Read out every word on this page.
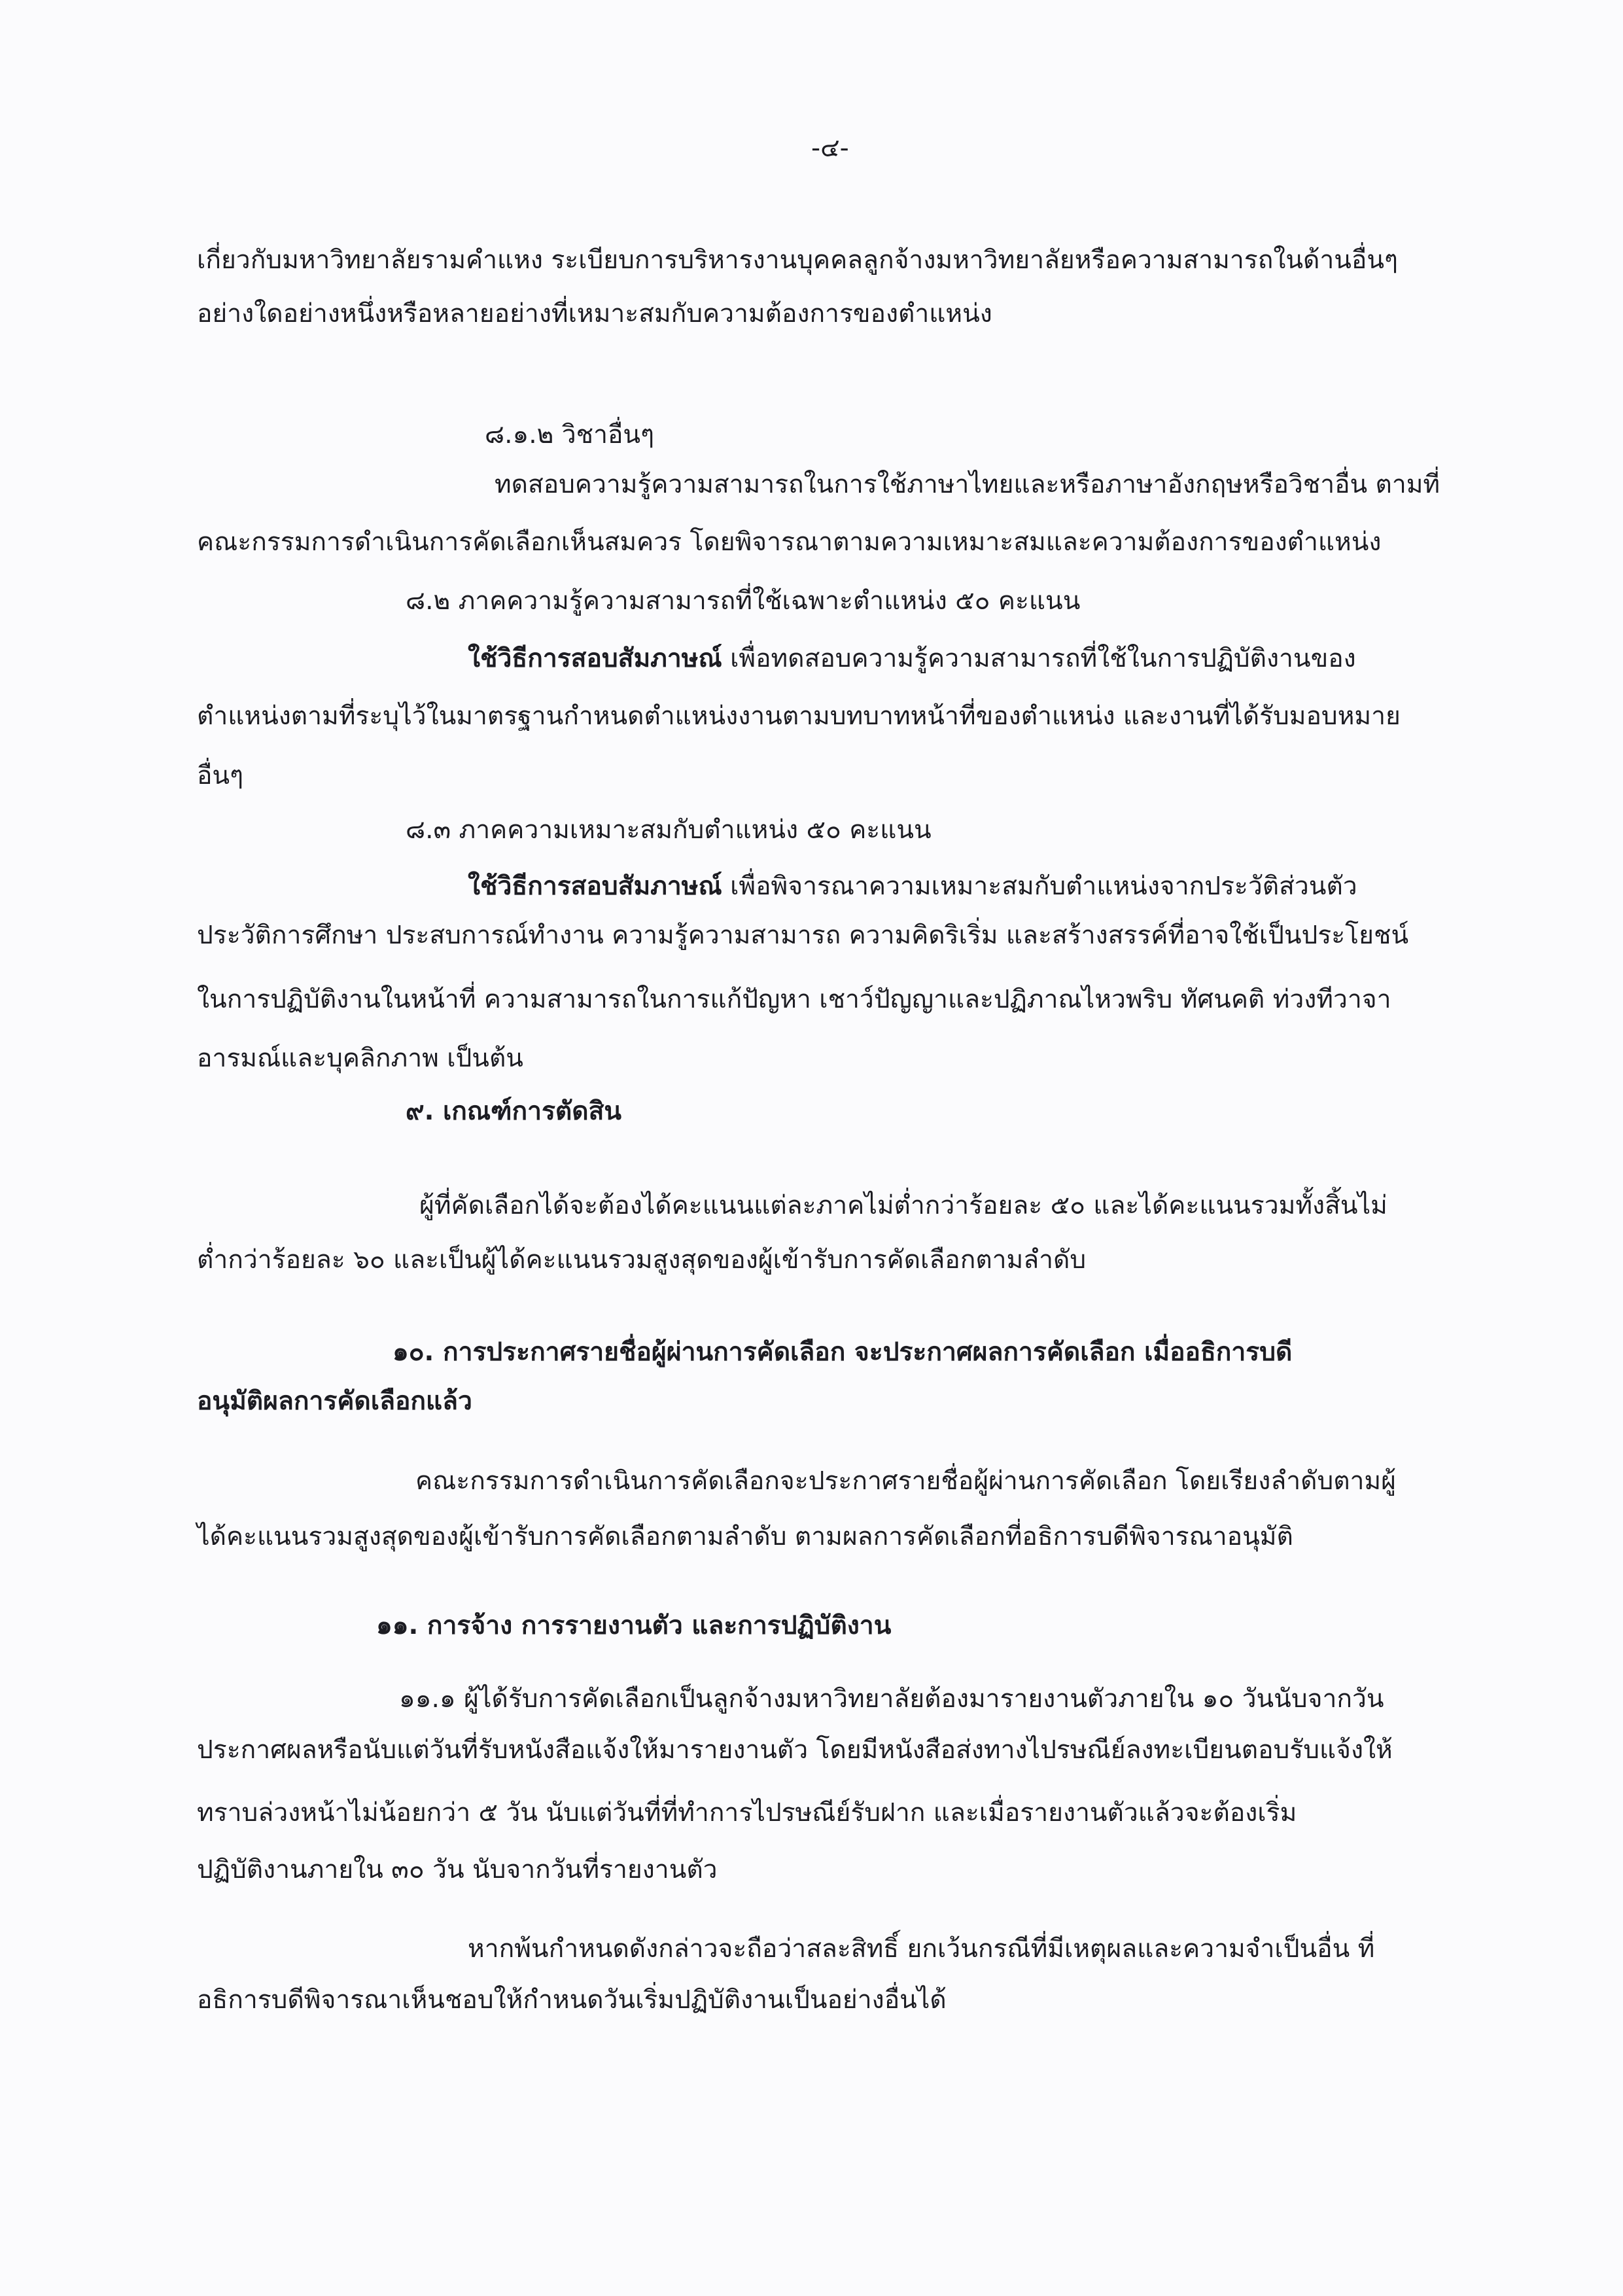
-๔-
เกี่ยวกับมหาวิทยาลัยรามคำแหง ระเบียบการบริหารงานบุคคลลูกจ้างมหาวิทยาลัยหรือความสามารถในด้านอื่นๆ
อย่างใดอย่างหนึ่งหรือหลายอย่างที่เหมาะสมกับความต้องการของตำแหน่ง
๘.๑.๒ วิชาอื่นๆ
ทดสอบความรู้ความสามารถในการใช้ภาษาไทยและหรือภาษาอังกฤษหรือวิชาอื่น ตามที่
คณะกรรมการดำเนินการคัดเลือกเห็นสมควร โดยพิจารณาตามความเหมาะสมและความต้องการของตำแหน่ง
๘.๒ ภาคความรู้ความสามารถที่ใช้เฉพาะตำแหน่ง ๕๐ คะแนน
ใช้วิธีการสอบสัมภาษณ์ เพื่อทดสอบความรู้ความสามารถที่ใช้ในการปฏิบัติงานของ
ตำแหน่งตามที่ระบุไว้ในมาตรฐานกำหนดตำแหน่งงานตามบทบาทหน้าที่ของตำแหน่ง และงานที่ได้รับมอบหมาย
อื่นๆ
๘.๓ ภาคความเหมาะสมกับตำแหน่ง ๕๐ คะแนน
ใช้วิธีการสอบสัมภาษณ์ เพื่อพิจารณาความเหมาะสมกับตำแหน่งจากประวัติส่วนตัว
ประวัติการศึกษา ประสบการณ์ทำงาน ความรู้ความสามารถ ความคิดริเริ่ม และสร้างสรรค์ที่อาจใช้เป็นประโยชน์
ในการปฏิบัติงานในหน้าที่ ความสามารถในการแก้ปัญหา เชาว์ปัญญาและปฏิภาณไหวพริบ ทัศนคติ ท่วงทีวาจา
อารมณ์และบุคลิกภาพ เป็นต้น
๙. เกณฑ์การตัดสิน
ผู้ที่คัดเลือกได้จะต้องได้คะแนนแต่ละภาคไม่ต่ำกว่าร้อยละ ๕๐ และได้คะแนนรวมทั้งสิ้นไม่
ต่ำกว่าร้อยละ ๖๐ และเป็นผู้ได้คะแนนรวมสูงสุดของผู้เข้ารับการคัดเลือกตามลำดับ
๑๐. การประกาศรายชื่อผู้ผ่านการคัดเลือก จะประกาศผลการคัดเลือก เมื่ออธิการบดี
อนุมัติผลการคัดเลือกแล้ว
คณะกรรมการดำเนินการคัดเลือกจะประกาศรายชื่อผู้ผ่านการคัดเลือก โดยเรียงลำดับตามผู้
ได้คะแนนรวมสูงสุดของผู้เข้ารับการคัดเลือกตามลำดับ ตามผลการคัดเลือกที่อธิการบดีพิจารณาอนุมัติ
๑๑. การจ้าง การรายงานตัว และการปฏิบัติงาน
๑๑.๑ ผู้ได้รับการคัดเลือกเป็นลูกจ้างมหาวิทยาลัยต้องมารายงานตัวภายใน ๑๐ วันนับจากวัน
ประกาศผลหรือนับแต่วันที่รับหนังสือแจ้งให้มารายงานตัว โดยมีหนังสือส่งทางไปรษณีย์ลงทะเบียนตอบรับแจ้งให้
ทราบล่วงหน้าไม่น้อยกว่า ๕ วัน นับแต่วันที่ที่ทำการไปรษณีย์รับฝาก และเมื่อรายงานตัวแล้วจะต้องเริ่ม
ปฏิบัติงานภายใน ๓๐ วัน นับจากวันที่รายงานตัว
หากพ้นกำหนดดังกล่าวจะถือว่าสละสิทธิ์ ยกเว้นกรณีที่มีเหตุผลและความจำเป็นอื่น ที่
อธิการบดีพิจารณาเห็นชอบให้กำหนดวันเริ่มปฏิบัติงานเป็นอย่างอื่นได้
